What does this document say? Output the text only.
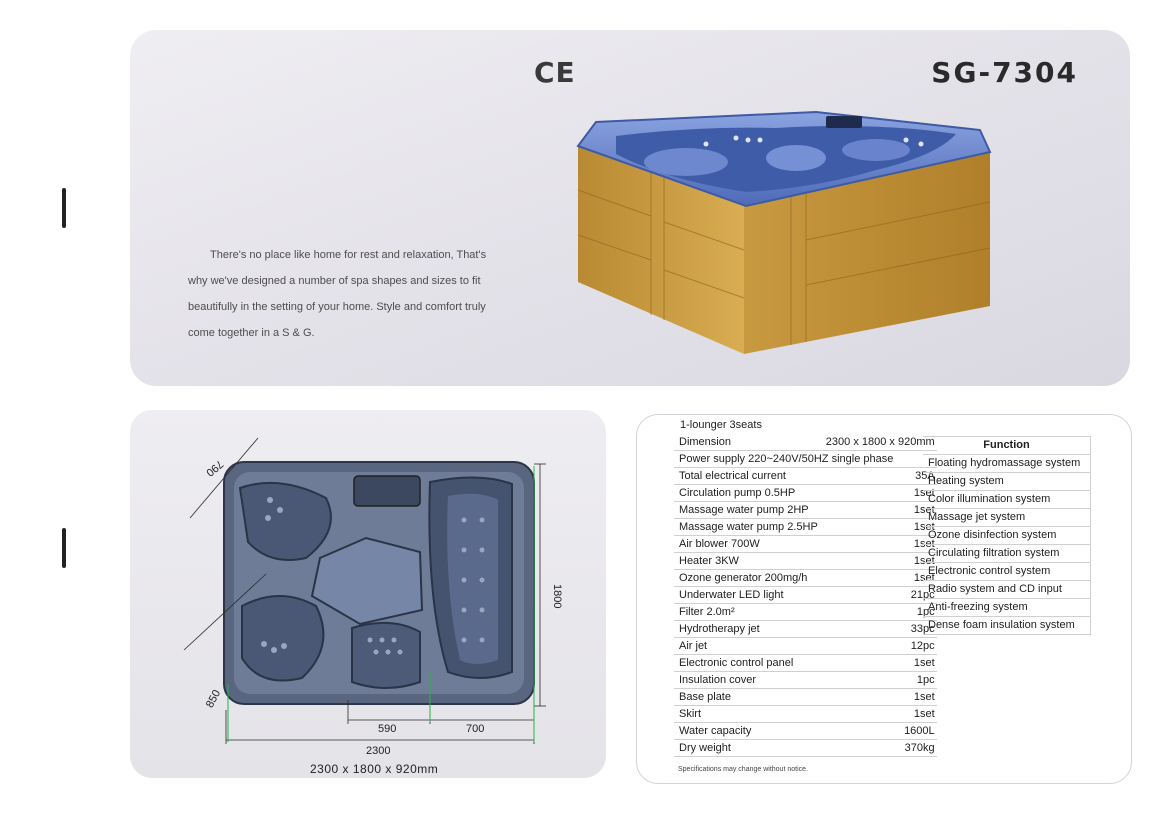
CE	SG-7304

There's no place like home for rest and relaxation, That's

why we've designed a number of spa shapes and sizes to fit

beautifully in the setting of your home. Style and comfort truly

come together in a S & G.

790
850
1800
590	700
2300
2300 x 1800 x 920mm
1-lounger 3seats
Dimension	2300 x 1800 x 920mm
Power supply 220~240V/50HZ single phase	
Total electrical current	35A
Circulation pump 0.5HP	1set
Massage water pump 2HP	1set
Massage water pump 2.5HP	1set
Air blower 700W	1set
Heater 3KW	1set
Ozone generator 200mg/h	1set
Underwater LED light	21pc
Filter 2.0m²	1pc
Hydrotherapy jet	33pc
Air jet	12pc
Electronic control panel	1set
Insulation cover	1pc
Base plate	1set
Skirt	1set
Water capacity	1600L
Dry weight	370kg
Specifications may change without notice.
Function
Floating hydromassage system
Heating system
Color illumination system
Massage jet system
Ozone disinfection system
Circulating filtration system
Electronic control system
Radio system and CD input
Anti-freezing system
Dense foam insulation system
